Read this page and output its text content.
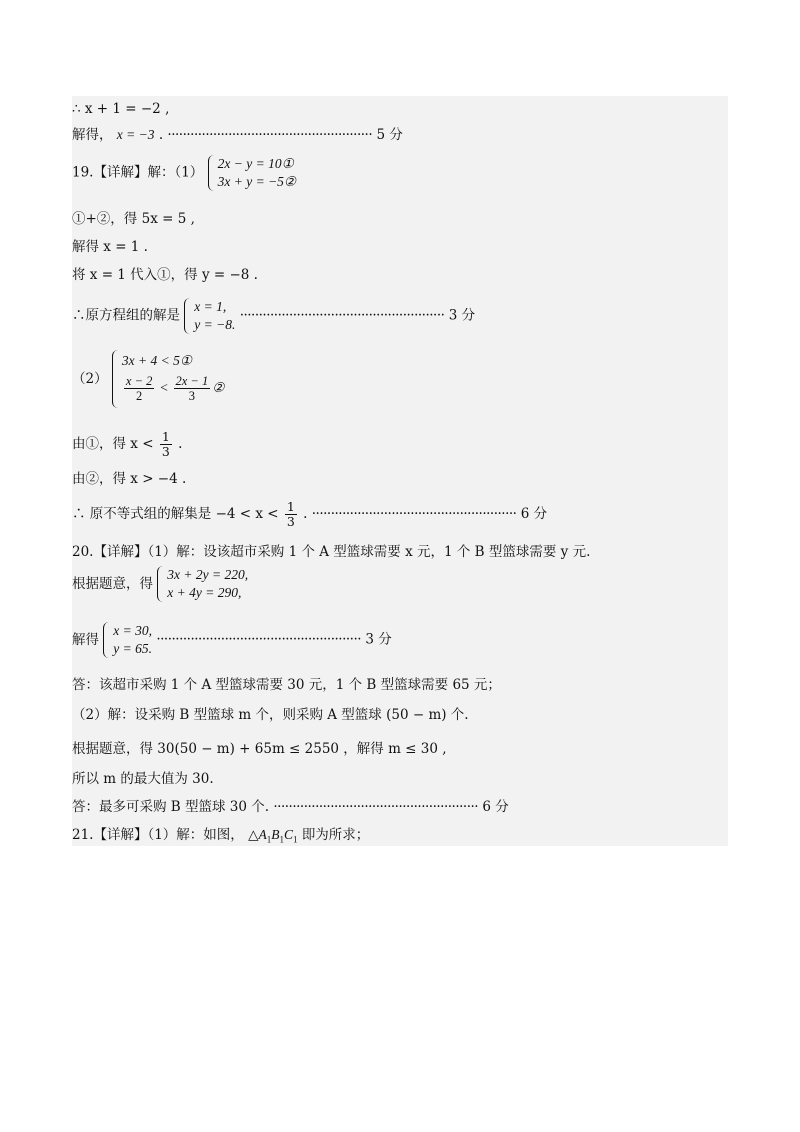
∴ x + 1 = −2 ,
解得， x = −3 . ······················································ 5 分
19.【详解】解：（1）
2x − y = 10①
3x + y = −5②
①+②，得 5x = 5 ,
解得 x = 1 .
将 x = 1 代入①，得 y = −8 .
∴原方程组的解是
x = 1,
y = −8.
······················································ 3 分
（2）
3x + 4 < 5①
$\frac{x - 2}{2} < \frac{2x - 1}{3}$ ②
由①，得 $x < \frac{1}{3}$ .
由②，得 x > −4 .
∴ 原不等式组的解集是 $-4 < x < \frac{1}{3}$ . ······················································ 6 分
20.【详解】（1）解：设该超市采购 1 个 A 型篮球需要 x 元，1 个 B 型篮球需要 y 元.
根据题意，得
3x + 2y = 220,
x + 4y = 290,
解得
x = 30,
y = 65.
······················································ 3 分
答：该超市采购 1 个 A 型篮球需要 30 元，1 个 B 型篮球需要 65 元；
（2）解：设采购 B 型篮球 m 个，则采购 A 型篮球 (50 − m) 个.
根据题意，得 30(50 − m) + 65m ≤ 2550 ，解得 m ≤ 30 ,
所以 m 的最大值为 30.
答：最多可采购 B 型篮球 30 个. ······················································ 6 分
21.【详解】（1）解：如图， $\triangle A_1B_1C_1$ 即为所求；
